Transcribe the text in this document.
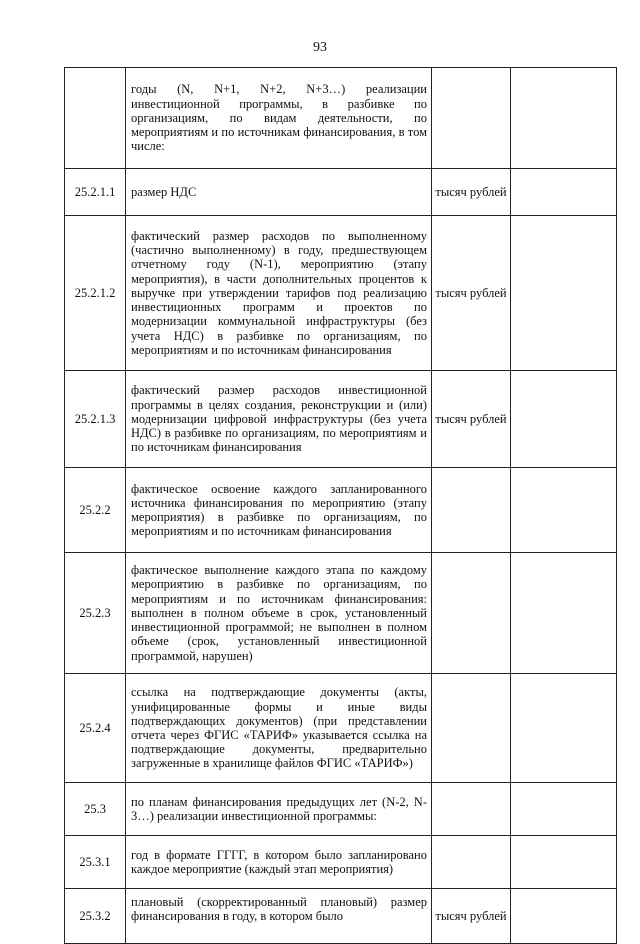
93
	годы (N, N+1, N+2, N+3…) реализации инвестиционной программы, в разбивке по организациям, по видам деятельности, по мероприятиям и по источникам финансирования, в том числе:		
25.2.1.1	размер НДС	тысяч рублей	
25.2.1.2	фактический размер расходов по выполненному (частично выполненному) в году, предшествующем отчетному году (N-1), мероприятию (этапу мероприятия), в части дополнительных процентов к выручке при утверждении тарифов под реализацию инвестиционных программ и проектов по модернизации коммунальной инфраструктуры (без учета НДС) в разбивке по организациям, по мероприятиям и по источникам финансирования	тысяч рублей	
25.2.1.3	фактический размер расходов инвестиционной программы в целях создания, реконструкции и (или) модернизации цифровой инфраструктуры (без учета НДС) в разбивке по организациям, по мероприятиям и по источникам финансирования	тысяч рублей	
25.2.2	фактическое освоение каждого запланированного источника финансирования по мероприятию (этапу мероприятия) в разбивке по организациям, по мероприятиям и по источникам финансирования		
25.2.3	фактическое выполнение каждого этапа по каждому мероприятию в разбивке по организациям, по мероприятиям и по источникам финансирования: выполнен в полном объеме в срок, установленный инвестиционной программой; не выполнен в полном объеме (срок, установленный инвестиционной программой, нарушен)		
25.2.4	ссылка на подтверждающие документы (акты, унифицированные формы и иные виды подтверждающих документов) (при представлении отчета через ФГИС «ТАРИФ» указывается ссылка на подтверждающие документы, предварительно загруженные в хранилище файлов ФГИС «ТАРИФ»)		
25.3	по планам финансирования предыдущих лет (N-2, N-3…) реализации инвестиционной программы:		
25.3.1	год в формате ГГГГ, в котором было запланировано каждое мероприятие (каждый этап мероприятия)		
25.3.2	плановый (скорректированный плановый) размер финансирования в году, в котором было	тысяч рублей	
